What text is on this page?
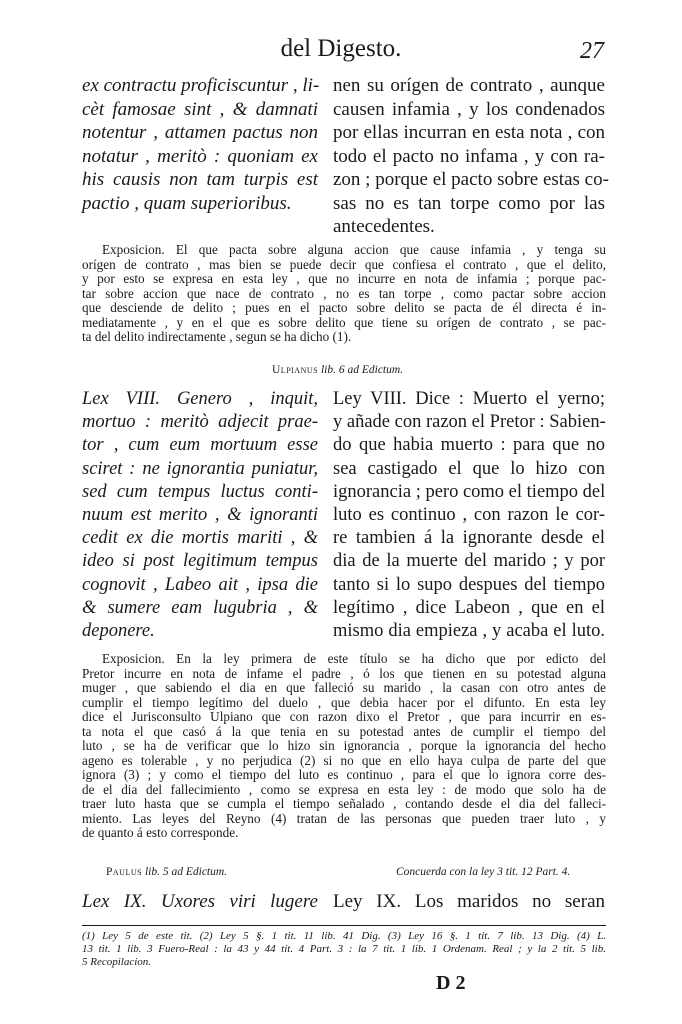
del Digesto.	27
ex contractu proficiscuntur , li-
cèt famosae sint , & damnati
notentur , attamen pactus non
notatur , meritò : quoniam ex
his causis non tam turpis est
pactio , quam superioribus.
nen su orígen de contrato , aunque
causen infamia , y los condenados
por ellas incurran en esta nota , con
todo el pacto no infama , y con ra-
zon ; porque el pacto sobre estas co-
sas no es tan torpe como por las
antecedentes.
Exposicion. El que pacta sobre alguna accion que cause infamia , y tenga su
orígen de contrato , mas bien se puede decir que confiesa el contrato , que el delito,
y por esto se expresa en esta ley , que no incurre en nota de infamia ; porque pac-
tar sobre accion que nace de contrato , no es tan torpe , como pactar sobre accion
que desciende de delito ; pues en el pacto sobre delito se pacta de él directa é in-
mediatamente , y en el que es sobre delito que tiene su orígen de contrato , se pac-
ta del delito indirectamente , segun se ha dicho (1).
Ulpianus lib. 6 ad Edictum.
Lex VIII. Genero , inquit,
mortuo : meritò adjecit prae-
tor , cum eum mortuum esse
sciret : ne ignorantia puniatur,
sed cum tempus luctus conti-
nuum est merito , & ignoranti
cedit ex die mortis mariti , &
ideo si post legitimum tempus
cognovit , Labeo ait , ipsa die
& sumere eam lugubria , &
deponere.
Ley VIII. Dice : Muerto el yerno;
y añade con razon el Pretor : Sabien-
do que habia muerto : para que no
sea castigado el que lo hizo con
ignorancia ; pero como el tiempo del
luto es continuo , con razon le cor-
re tambien á la ignorante desde el
dia de la muerte del marido ; y por
tanto si lo supo despues del tiempo
legítimo , dice Labeon , que en el
mismo dia empieza , y acaba el luto.
Exposicion. En la ley primera de este título se ha dicho que por edicto del
Pretor incurre en nota de infame el padre , ó los que tienen en su potestad alguna
muger , que sabiendo el dia en que falleció su marido , la casan con otro antes de
cumplir el tiempo legítimo del duelo , que debia hacer por el difunto. En esta ley
dice el Jurisconsulto Ulpiano que con razon dixo el Pretor , que para incurrir en es-
ta nota el que casó á la que tenia en su potestad antes de cumplir el tiempo del
luto , se ha de verificar que lo hizo sin ignorancia , porque la ignorancia del hecho
ageno es tolerable , y no perjudica (2) si no que en ello haya culpa de parte del que
ignora (3) ; y como el tiempo del luto es continuo , para el que lo ignora corre des-
de el dia del fallecimiento , como se expresa en esta ley : de modo que solo ha de
traer luto hasta que se cumpla el tiempo señalado , contando desde el dia del falleci-
miento. Las leyes del Reyno (4) tratan de las personas que pueden traer luto , y
de quanto á esto corresponde.
Paulus lib. 5 ad Edictum.	Concuerda con la ley 3 tit. 12 Part. 4.
Lex IX. Uxores viri lugere Ley IX. Los maridos no seran
(1) Ley 5 de este tit. (2) Ley 5 §. 1 tit. 11 lib. 41 Dig. (3) Ley 16 §. 1 tit. 7 lib. 13 Dig. (4) L.
13 tit. 1 lib. 3 Fuero-Real : la 43 y 44 tit. 4 Part. 3 : la 7 tit. 1 lib. 1 Ordenam. Real ; y la 2 tit. 5 lib.
5 Recopilacion.
D 2
